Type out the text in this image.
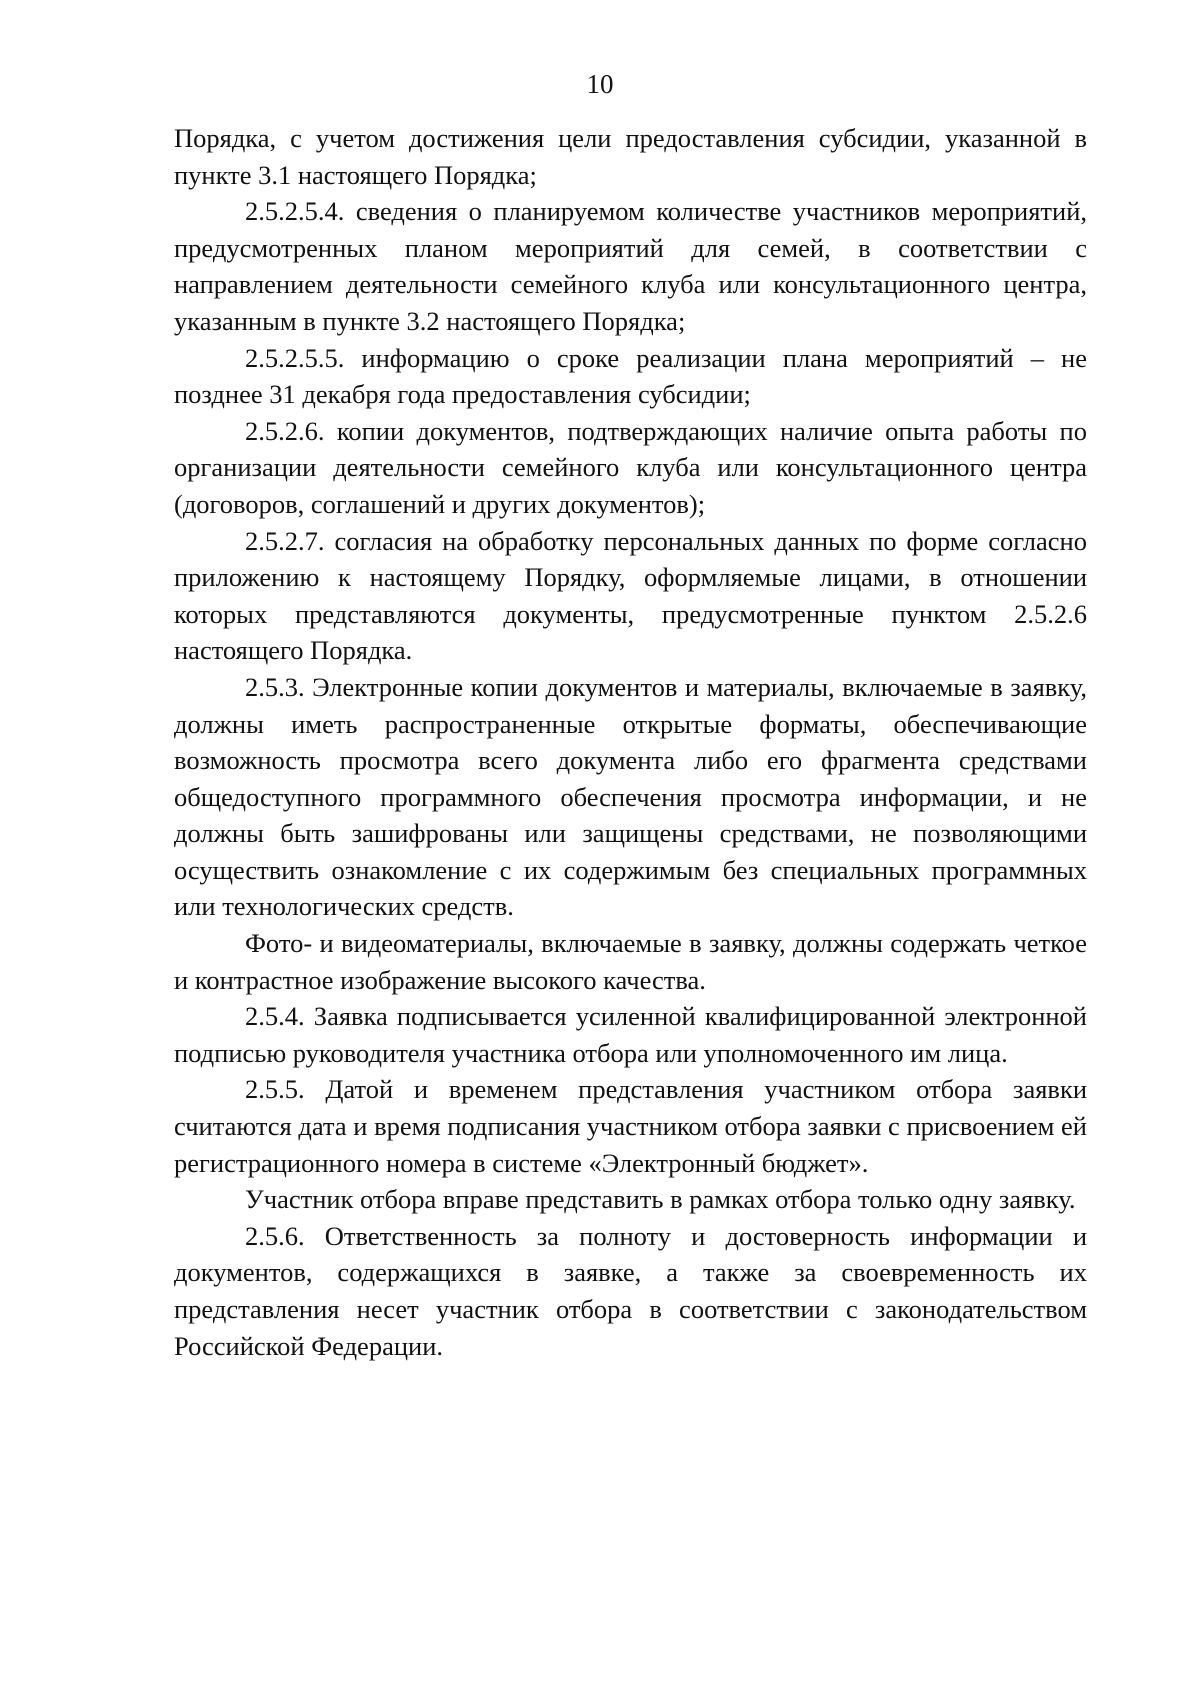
10

Порядка, с учетом достижения цели предоставления субсидии, указанной в пункте 3.1 настоящего Порядка;

2.5.2.5.4. сведения о планируемом количестве участников мероприятий, предусмотренных планом мероприятий для семей, в соответствии с направлением деятельности семейного клуба или консультационного центра, указанным в пункте 3.2 настоящего Порядка;

2.5.2.5.5. информацию о сроке реализации плана мероприятий – не позднее 31 декабря года предоставления субсидии;

2.5.2.6. копии документов, подтверждающих наличие опыта работы по организации деятельности семейного клуба или консультационного центра (договоров, соглашений и других документов);

2.5.2.7. согласия на обработку персональных данных по форме согласно приложению к настоящему Порядку, оформляемые лицами, в отношении которых представляются документы, предусмотренные пунктом 2.5.2.6 настоящего Порядка.

2.5.3. Электронные копии документов и материалы, включаемые в заявку, должны иметь распространенные открытые форматы, обеспечивающие возможность просмотра всего документа либо его фрагмента средствами общедоступного программного обеспечения просмотра информации, и не должны быть зашифрованы или защищены средствами, не позволяющими осуществить ознакомление с их содержимым без специальных программных или технологических средств.

Фото- и видеоматериалы, включаемые в заявку, должны содержать четкое и контрастное изображение высокого качества.

2.5.4. Заявка подписывается усиленной квалифицированной электронной подписью руководителя участника отбора или уполномоченного им лица.

2.5.5. Датой и временем представления участником отбора заявки считаются дата и время подписания участником отбора заявки с присвоением ей регистрационного номера в системе «Электронный бюджет».

Участник отбора вправе представить в рамках отбора только одну заявку.

2.5.6. Ответственность за полноту и достоверность информации и документов, содержащихся в заявке, а также за своевременность их представления несет участник отбора в соответствии с законодательством Российской Федерации.
